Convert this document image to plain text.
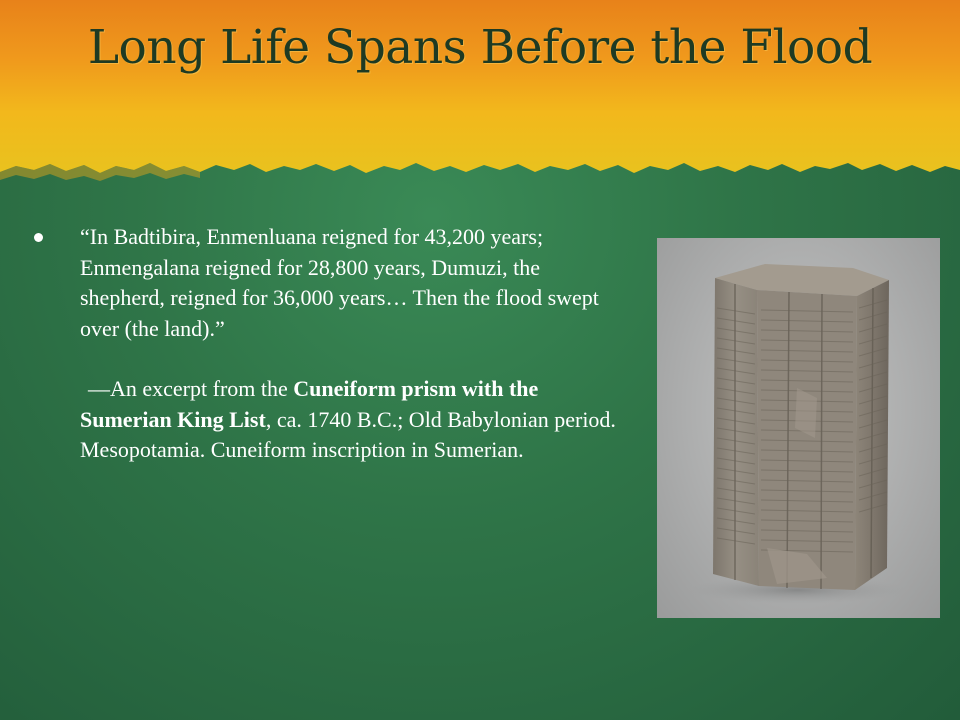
Long Life Spans Before the Flood

“In Badtibira, Enmenluana reigned for 43,200 years; Enmengalana reigned for 28,800 years, Dumuzi, the shepherd, reigned for 36,000 years… Then the flood swept over (the land).”

—An excerpt from the Cuneiform prism with the Sumerian King List, ca. 1740 B.C.; Old Babylonian period. Mesopotamia. Cuneiform inscription in Sumerian.
